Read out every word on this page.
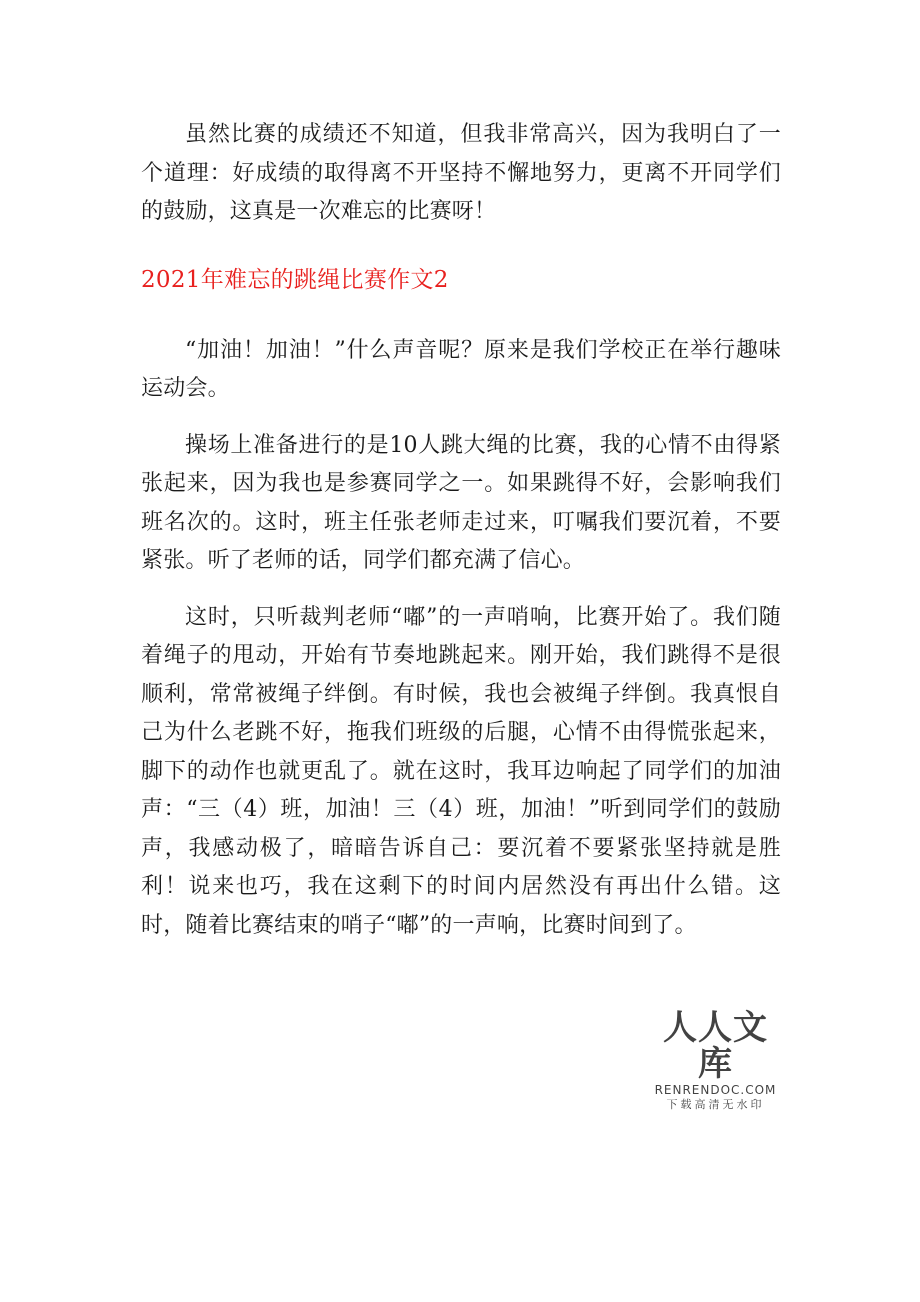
虽然比赛的成绩还不知道，但我非常高兴，因为我明白了一个道理：好成绩的取得离不开坚持不懈地努力，更离不开同学们的鼓励，这真是一次难忘的比赛呀！

2021年难忘的跳绳比赛作文2

“加油！加油！”什么声音呢？原来是我们学校正在举行趣味运动会。

操场上准备进行的是10人跳大绳的比赛，我的心情不由得紧张起来，因为我也是参赛同学之一。如果跳得不好，会影响我们班名次的。这时，班主任张老师走过来，叮嘱我们要沉着，不要紧张。听了老师的话，同学们都充满了信心。

这时，只听裁判老师“嘟”的一声哨响，比赛开始了。我们随着绳子的甩动，开始有节奏地跳起来。刚开始，我们跳得不是很顺利，常常被绳子绊倒。有时候，我也会被绳子绊倒。我真恨自己为什么老跳不好，拖我们班级的后腿，心情不由得慌张起来，脚下的动作也就更乱了。就在这时，我耳边响起了同学们的加油声：“三（4）班，加油！三（4）班，加油！”听到同学们的鼓励声，我感动极了，暗暗告诉自己：要沉着不要紧张坚持就是胜利！说来也巧，我在这剩下的时间内居然没有再出什么错。这时，随着比赛结束的哨子“嘟”的一声响，比赛时间到了。

人人文库
RENRENDOC.COM
下载高清无水印
